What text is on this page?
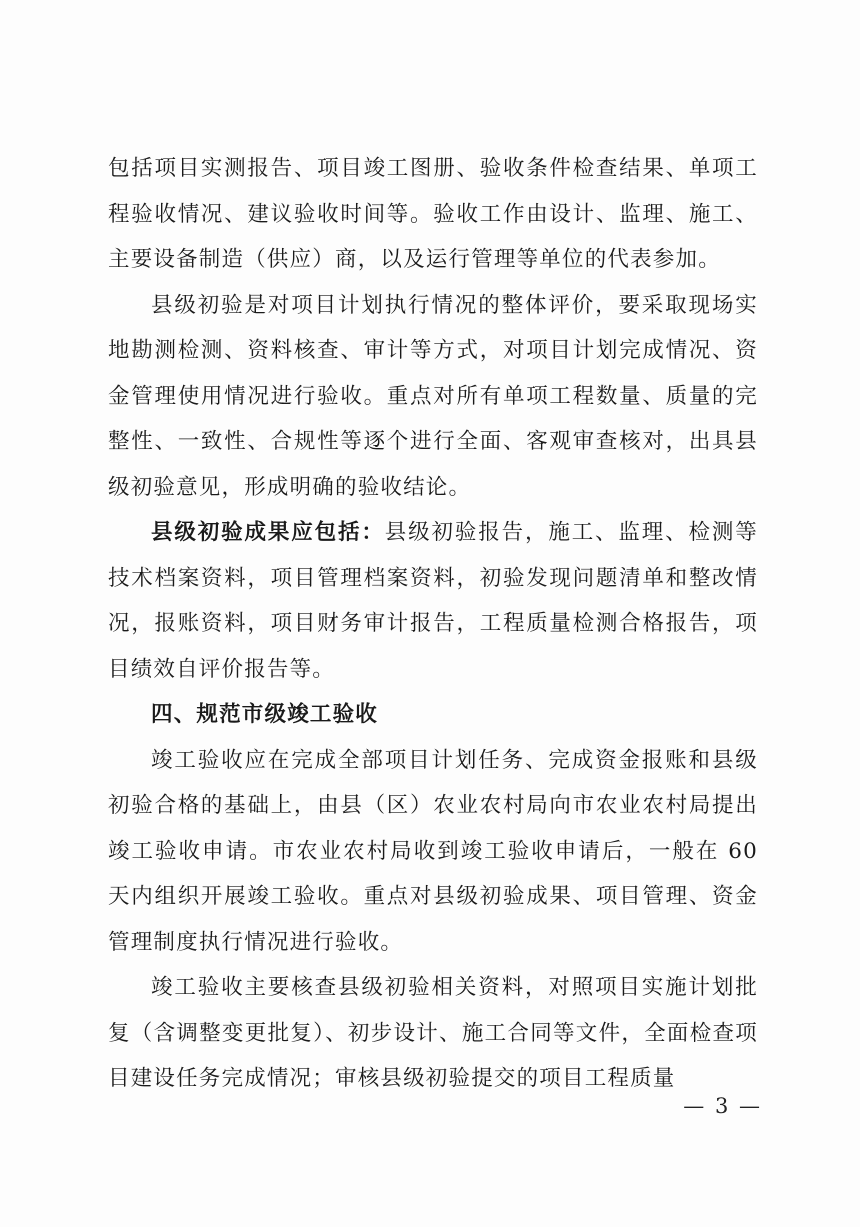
包括项目实测报告、项目竣工图册、验收条件检查结果、单项工程验收情况、建议验收时间等。验收工作由设计、监理、施工、主要设备制造（供应）商，以及运行管理等单位的代表参加。

县级初验是对项目计划执行情况的整体评价，要采取现场实地勘测检测、资料核查、审计等方式，对项目计划完成情况、资金管理使用情况进行验收。重点对所有单项工程数量、质量的完整性、一致性、合规性等逐个进行全面、客观审查核对，出具县级初验意见，形成明确的验收结论。

县级初验成果应包括：县级初验报告，施工、监理、检测等技术档案资料，项目管理档案资料，初验发现问题清单和整改情况，报账资料，项目财务审计报告，工程质量检测合格报告，项目绩效自评价报告等。

四、规范市级竣工验收

竣工验收应在完成全部项目计划任务、完成资金报账和县级初验合格的基础上，由县（区）农业农村局向市农业农村局提出竣工验收申请。市农业农村局收到竣工验收申请后，一般在 60 天内组织开展竣工验收。重点对县级初验成果、项目管理、资金管理制度执行情况进行验收。

竣工验收主要核查县级初验相关资料，对照项目实施计划批复（含调整变更批复）、初步设计、施工合同等文件，全面检查项目建设任务完成情况；审核县级初验提交的项目工程质量

— 3 —
